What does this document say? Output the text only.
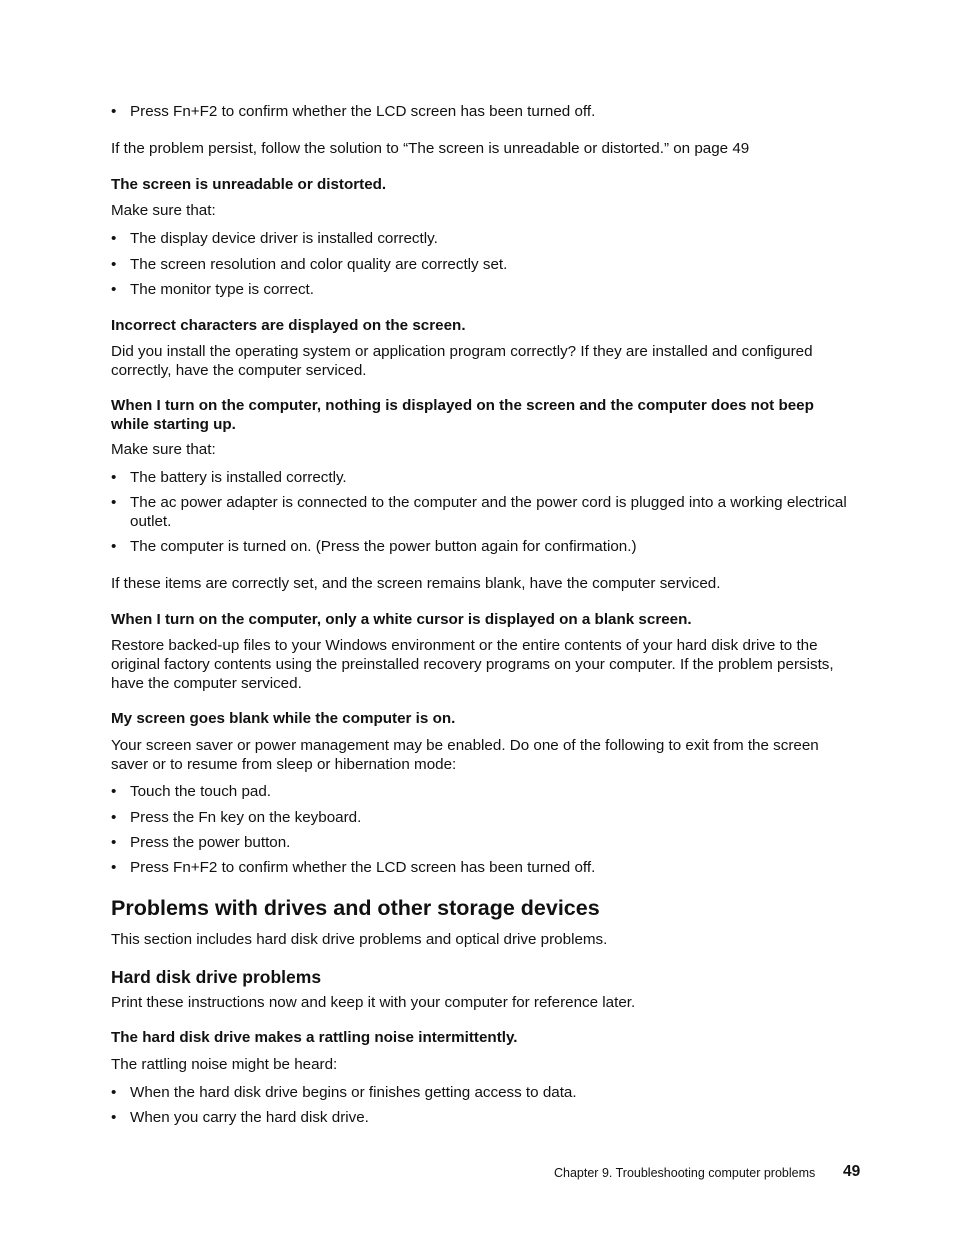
• Press Fn+F2 to confirm whether the LCD screen has been turned off.
If the problem persist, follow the solution to “The screen is unreadable or distorted.” on page 49
The screen is unreadable or distorted.
Make sure that:
• The display device driver is installed correctly.
• The screen resolution and color quality are correctly set.
• The monitor type is correct.
Incorrect characters are displayed on the screen.
Did you install the operating system or application program correctly? If they are installed and configured correctly, have the computer serviced.
When I turn on the computer, nothing is displayed on the screen and the computer does not beep while starting up.
Make sure that:
• The battery is installed correctly.
• The ac power adapter is connected to the computer and the power cord is plugged into a working electrical outlet.
• The computer is turned on. (Press the power button again for confirmation.)
If these items are correctly set, and the screen remains blank, have the computer serviced.
When I turn on the computer, only a white cursor is displayed on a blank screen.
Restore backed-up files to your Windows environment or the entire contents of your hard disk drive to the original factory contents using the preinstalled recovery programs on your computer. If the problem persists, have the computer serviced.
My screen goes blank while the computer is on.
Your screen saver or power management may be enabled. Do one of the following to exit from the screen saver or to resume from sleep or hibernation mode:
• Touch the touch pad.
• Press the Fn key on the keyboard.
• Press the power button.
• Press Fn+F2 to confirm whether the LCD screen has been turned off.
Problems with drives and other storage devices
This section includes hard disk drive problems and optical drive problems.
Hard disk drive problems
Print these instructions now and keep it with your computer for reference later.
The hard disk drive makes a rattling noise intermittently.
The rattling noise might be heard:
• When the hard disk drive begins or finishes getting access to data.
• When you carry the hard disk drive.
Chapter 9. Troubleshooting computer problems 49
